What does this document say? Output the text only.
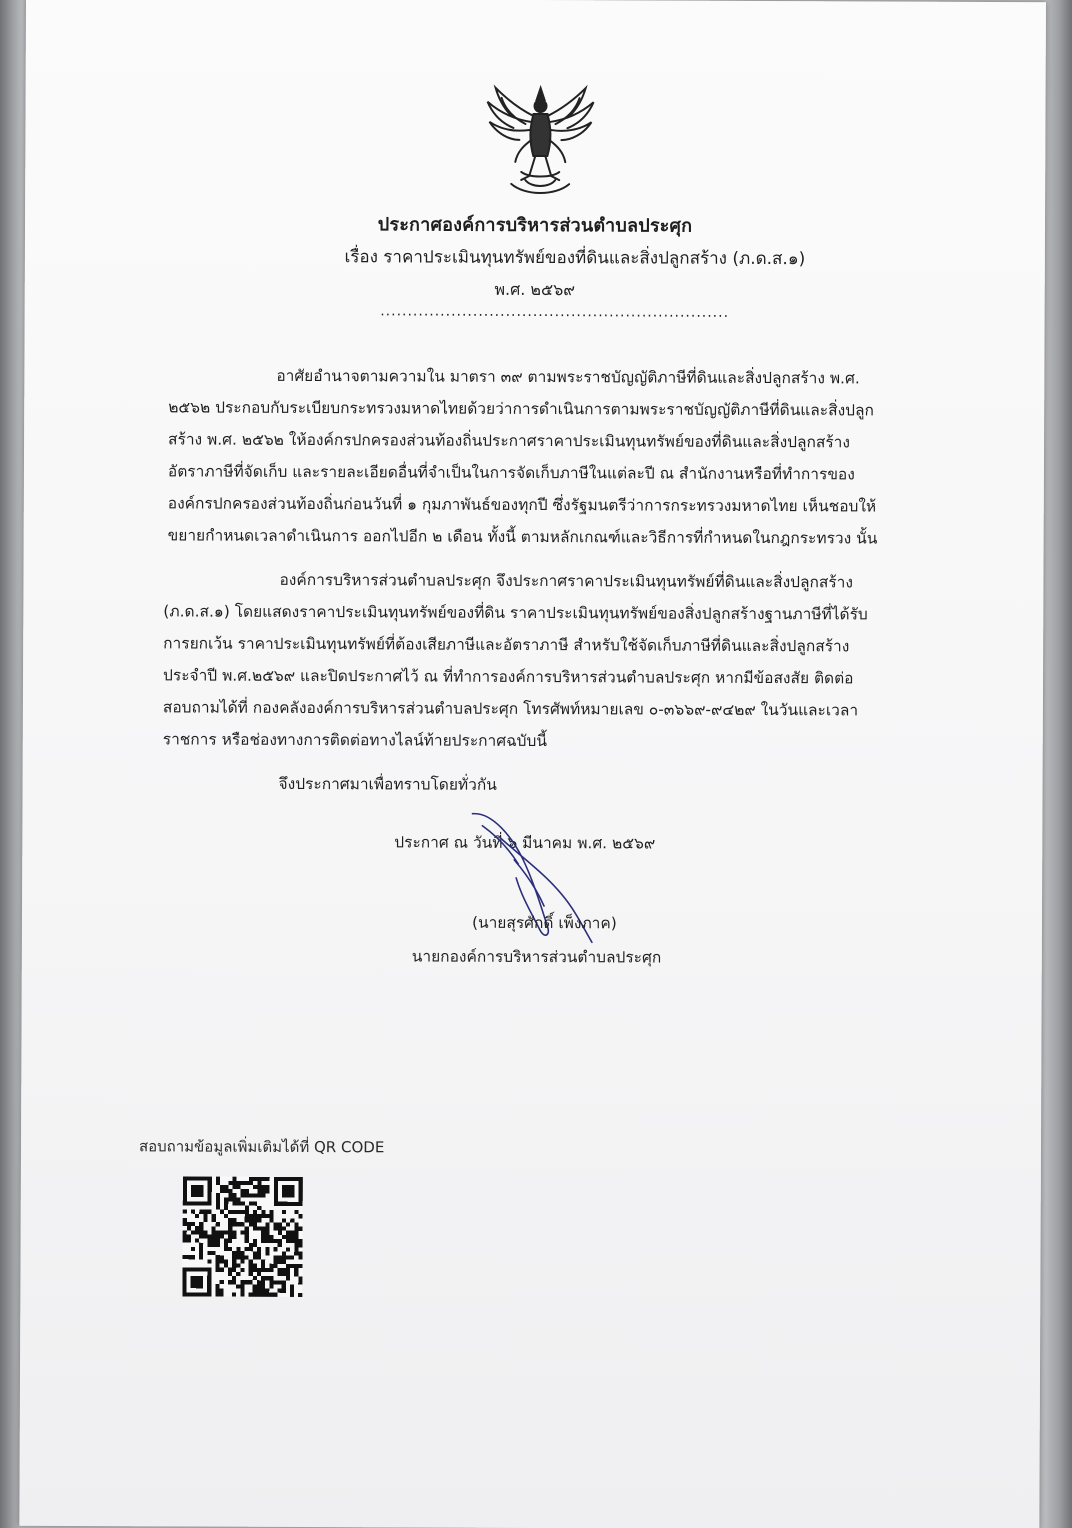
ประกาศองค์การบริหารส่วนตำบลประศุก
เรื่อง ราคาประเมินทุนทรัพย์ของที่ดินและสิ่งปลูกสร้าง (ภ.ด.ส.๑)
พ.ศ. ๒๕๖๙
................................................................
อาศัยอำนาจตามความใน มาตรา ๓๙ ตามพระราชบัญญัติภาษีที่ดินและสิ่งปลูกสร้าง พ.ศ.
๒๕๖๒ ประกอบกับระเบียบกระทรวงมหาดไทยด้วยว่าการดำเนินการตามพระราชบัญญัติภาษีที่ดินและสิ่งปลูก
สร้าง พ.ศ. ๒๕๖๒ ให้องค์กรปกครองส่วนท้องถิ่นประกาศราคาประเมินทุนทรัพย์ของที่ดินและสิ่งปลูกสร้าง
อัตราภาษีที่จัดเก็บ และรายละเอียดอื่นที่จำเป็นในการจัดเก็บภาษีในแต่ละปี ณ สำนักงานหรือที่ทำการของ
องค์กรปกครองส่วนท้องถิ่นก่อนวันที่ ๑ กุมภาพันธ์ของทุกปี ซึ่งรัฐมนตรีว่าการกระทรวงมหาดไทย เห็นชอบให้
ขยายกำหนดเวลาดำเนินการ ออกไปอีก ๒ เดือน ทั้งนี้ ตามหลักเกณฑ์และวิธีการที่กำหนดในกฎกระทรวง นั้น
องค์การบริหารส่วนตำบลประศุก จึงประกาศราคาประเมินทุนทรัพย์ที่ดินและสิ่งปลูกสร้าง
(ภ.ด.ส.๑) โดยแสดงราคาประเมินทุนทรัพย์ของที่ดิน ราคาประเมินทุนทรัพย์ของสิ่งปลูกสร้างฐานภาษีที่ได้รับ
การยกเว้น ราคาประเมินทุนทรัพย์ที่ต้องเสียภาษีและอัตราภาษี สำหรับใช้จัดเก็บภาษีที่ดินและสิ่งปลูกสร้าง
ประจำปี พ.ศ.๒๕๖๙ และปิดประกาศไว้ ณ ที่ทำการองค์การบริหารส่วนตำบลประศุก หากมีข้อสงสัย ติดต่อ
สอบถามได้ที่ กองคลังองค์การบริหารส่วนตำบลประศุก โทรศัพท์หมายเลข ๐-๓๖๖๙-๙๔๒๙ ในวันและเวลา
ราชการ หรือช่องทางการติดต่อทางไลน์ท้ายประกาศฉบับนี้
จึงประกาศมาเพื่อทราบโดยทั่วกัน
ประกาศ ณ วันที่ ๖ มีนาคม พ.ศ. ๒๕๖๙
(นายสุรศักดิ์ เพ็งภาค)
นายกองค์การบริหารส่วนตำบลประศุก
สอบถามข้อมูลเพิ่มเติมได้ที่ QR CODE
